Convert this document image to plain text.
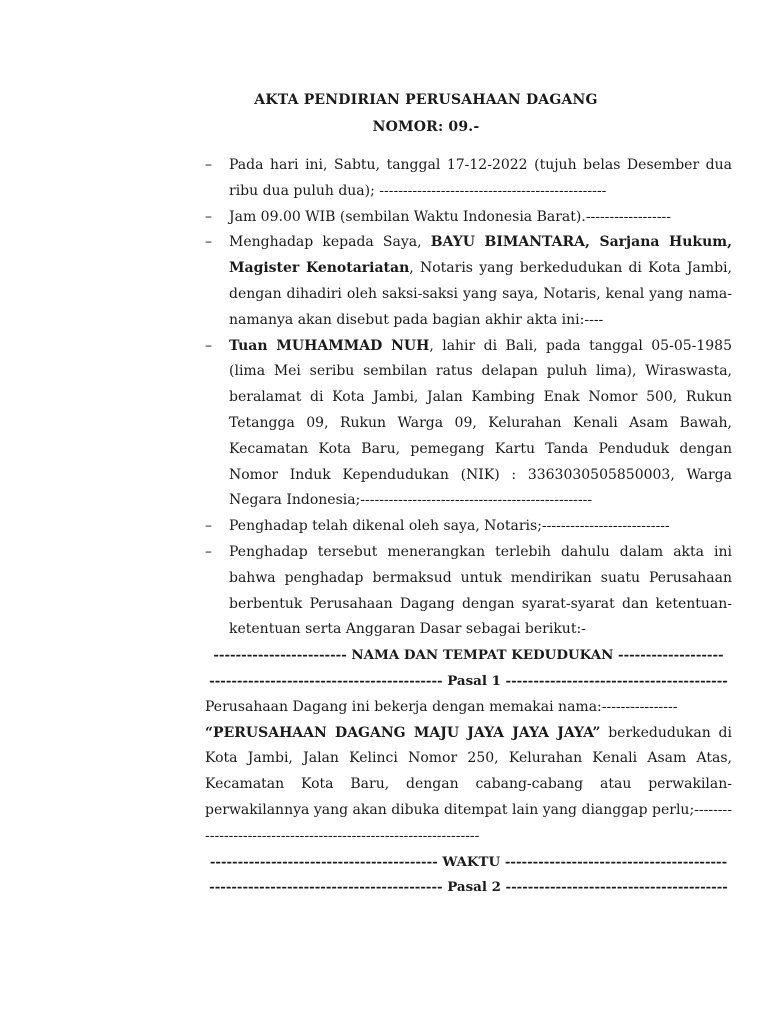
AKTA PENDIRIAN PERUSAHAAN DAGANG
NOMOR: 09.-
– Pada hari ini, Sabtu, tanggal 17-12-2022 (tujuh belas Desember dua ribu dua puluh dua); ------------------------------------------------
– Jam 09.00 WIB (sembilan Waktu Indonesia Barat).------------------
– Menghadap kepada Saya, BAYU BIMANTARA, Sarjana Hukum, Magister Kenotariatan, Notaris yang berkedudukan di Kota Jambi, dengan dihadiri oleh saksi-saksi yang saya, Notaris, kenal yang nama-namanya akan disebut pada bagian akhir akta ini:----
– Tuan MUHAMMAD NUH, lahir di Bali, pada tanggal 05-05-1985 (lima Mei seribu sembilan ratus delapan puluh lima), Wiraswasta, beralamat di Kota Jambi, Jalan Kambing Enak Nomor 500, Rukun Tetangga 09, Rukun Warga 09, Kelurahan Kenali Asam Bawah, Kecamatan Kota Baru, pemegang Kartu Tanda Penduduk dengan Nomor Induk Kependudukan (NIK) : 3363030505850003, Warga Negara Indonesia;-------------------------------------------------
– Penghadap telah dikenal oleh saya, Notaris;---------------------------
– Penghadap tersebut menerangkan terlebih dahulu dalam akta ini bahwa penghadap bermaksud untuk mendirikan suatu Perusahaan berbentuk Perusahaan Dagang dengan syarat-syarat dan ketentuan-ketentuan serta Anggaran Dasar sebagai berikut:-
------------------------ NAMA DAN TEMPAT KEDUDUKAN -------------------
------------------------------------------ Pasal 1 ----------------------------------------
Perusahaan Dagang ini bekerja dengan memakai nama:----------------
“PERUSAHAAN DAGANG MAJU JAYA JAYA JAYA” berkedudukan di Kota Jambi, Jalan Kelinci Nomor 250, Kelurahan Kenali Asam Atas, Kecamatan Kota Baru, dengan cabang-cabang atau perwakilan-perwakilannya yang akan dibuka ditempat lain yang dianggap perlu;------------------------------------------------------------------
----------------------------------------- WAKTU ----------------------------------------
------------------------------------------ Pasal 2 ----------------------------------------
